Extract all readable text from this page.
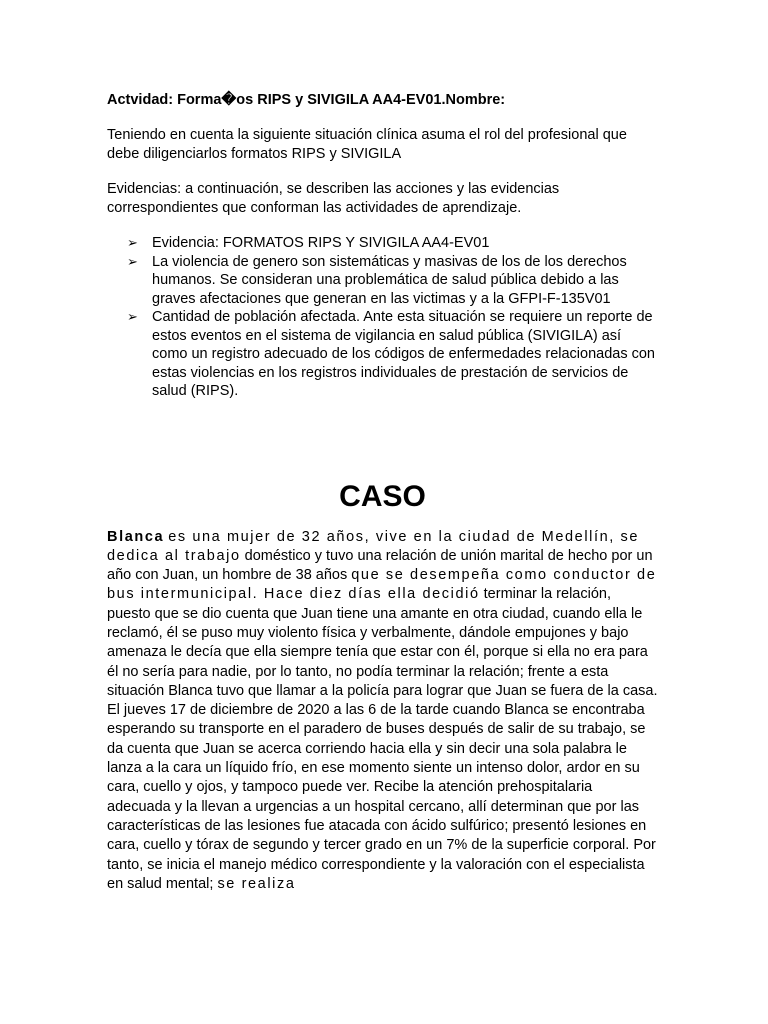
Actvidad: Forma�os RIPS y SIVIGILA AA4-EV01.Nombre:

Teniendo en cuenta la siguiente situación clínica asuma el rol del profesional que debe diligenciarlos formatos RIPS y SIVIGILA

Evidencias: a continuación, se describen las acciones y las evidencias correspondientes que conforman las actividades de aprendizaje.

➢ Evidencia: FORMATOS RIPS Y SIVIGILA AA4-EV01
➢ La violencia de genero son sistemáticas y masivas de los de los derechos humanos. Se consideran una problemática de salud pública debido a las graves afectaciones que generan en las victimas y a la GFPI-F-135V01
➢ Cantidad de población afectada. Ante esta situación se requiere un reporte de estos eventos en el sistema de vigilancia en salud pública (SIVIGILA) así como un registro adecuado de los códigos de enfermedades relacionadas con estas violencias en los registros individuales de prestación de servicios de salud (RIPS).
CASO

Blanca es una mujer de 32 años, vive en la ciudad de Medellín, se dedica al trabajo doméstico y tuvo una relación de unión marital de hecho por un año con Juan, un hombre de 38 años que se desempeña como conductor de bus intermunicipal. Hace diez días ella decidió terminar la relación, puesto que se dio cuenta que Juan tiene una amante en otra ciudad, cuando ella le reclamó, él se puso muy violento física y verbalmente, dándole empujones y bajo amenaza le decía que ella siempre tenía que estar con él, porque si ella no era para él no sería para nadie, por lo tanto, no podía terminar la relación; frente a esta situación Blanca tuvo que llamar a la policía para lograr que Juan se fuera de la casa.

El jueves 17 de diciembre de 2020 a las 6 de la tarde cuando Blanca se encontraba esperando su transporte en el paradero de buses después de salir de su trabajo, se da cuenta que Juan se acerca corriendo hacia ella y sin decir una sola palabra le lanza a la cara un líquido frío, en ese momento siente un intenso dolor, ardor en su cara, cuello y ojos, y tampoco puede ver. Recibe la atención prehospitalaria adecuada y la llevan a urgencias a un hospital cercano, allí determinan que por las características de las lesiones fue atacada con ácido sulfúrico; presentó lesiones en cara, cuello y tórax de segundo y tercer grado en un 7% de la superficie corporal. Por tanto, se inicia el manejo médico correspondiente y la valoración con el especialista en salud mental; se realiza
